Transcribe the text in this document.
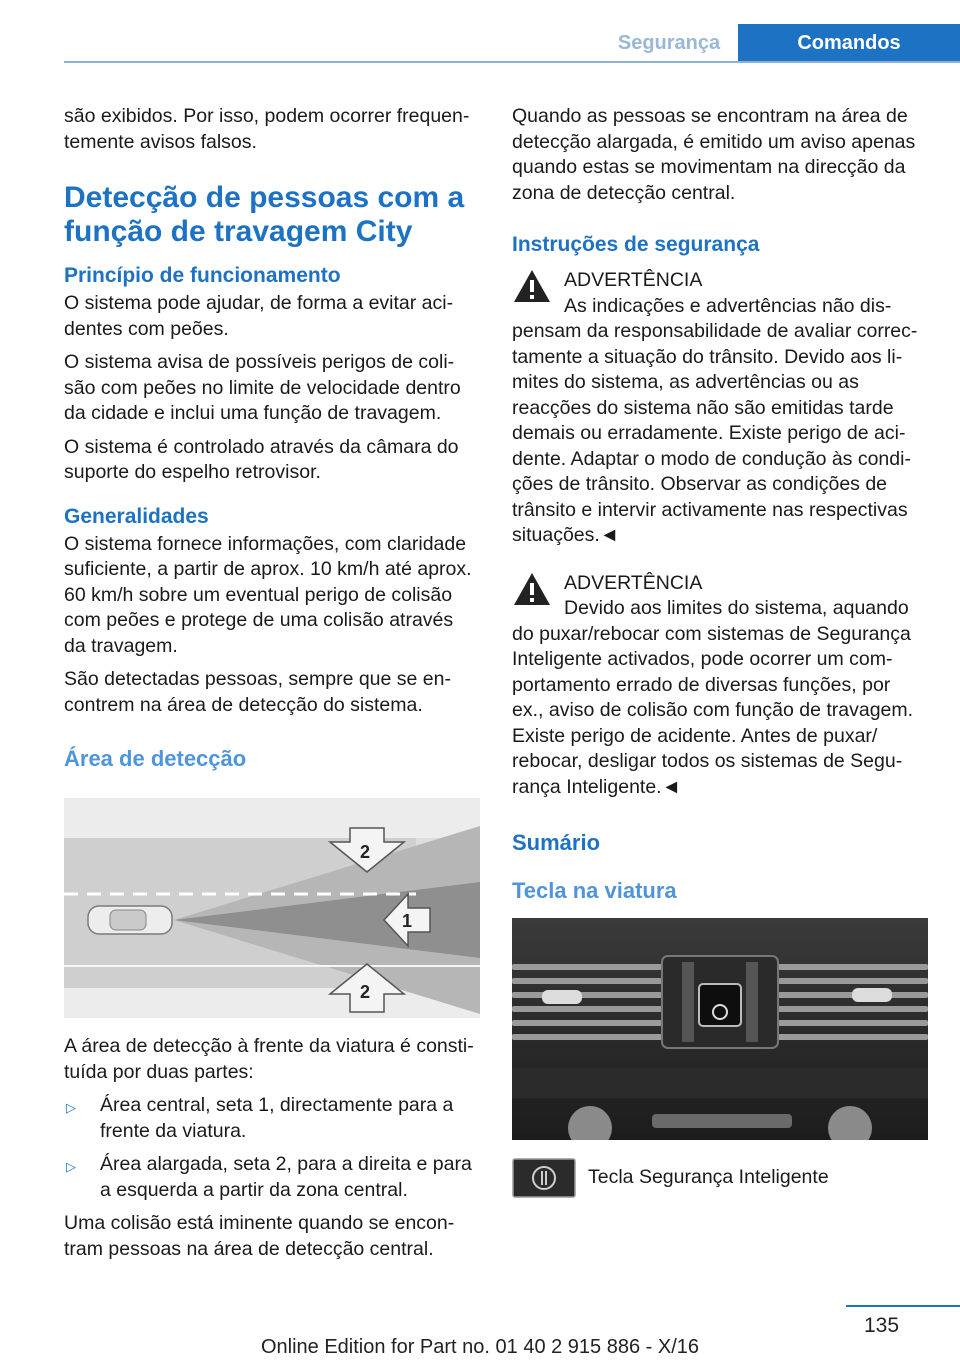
Segurança	Comandos

são exibidos. Por isso, podem ocorrer frequen‐ temente avisos falsos.

Detecção de pessoas com a função de travagem City
Princípio de funcionamento

O sistema pode ajudar, de forma a evitar aci‐ dentes com peões.

O sistema avisa de possíveis perigos de coli‐ são com peões no limite de velocidade dentro da cidade e inclui uma função de travagem.

O sistema é controlado através da câmara do suporte do espelho retrovisor.

Generalidades

O sistema fornece informações, com claridade suficiente, a partir de aprox. 10 km/h até aprox. 60 km/h sobre um eventual perigo de colisão com peões e protege de uma colisão através da travagem.

São detectadas pessoas, sempre que se en‐ contrem na área de detecção do sistema.

Área de detecção
2
1
2

A área de detecção à frente da viatura é consti‐ tuída por duas partes:

▷ Área central, seta 1, directamente para a frente da viatura.
▷ Área alargada, seta 2, para a direita e para a esquerda a partir da zona central.

Uma colisão está iminente quando se encon‐ tram pessoas na área de detecção central.

Quando as pessoas se encontram na área de detecção alargada, é emitido um aviso apenas quando estas se movimentam na direcção da zona de detecção central.

Instruções de segurança
ADVERTÊNCIA
As indicações e advertências não dis‐
pensam da responsabilidade de avaliar correc‐ tamente a situação do trânsito. Devido aos li‐ mites do sistema, as advertências ou as reacções do sistema não são emitidas tarde demais ou erradamente. Existe perigo de aci‐ dente. Adaptar o modo de condução às condi‐ ções de trânsito. Observar as condições de trânsito e intervir activamente nas respectivas situações.◄
ADVERTÊNCIA
Devido aos limites do sistema, aquando
do puxar/rebocar com sistemas de Segurança Inteligente activados, pode ocorrer um com‐ portamento errado de diversas funções, por ex., aviso de colisão com função de travagem. Existe perigo de acidente. Antes de puxar/ rebocar, desligar todos os sistemas de Segu‐ rança Inteligente.◄
Sumário
Tecla na viatura
Tecla Segurança Inteligente
135
Online Edition for Part no. 01 40 2 915 886 - X/16
